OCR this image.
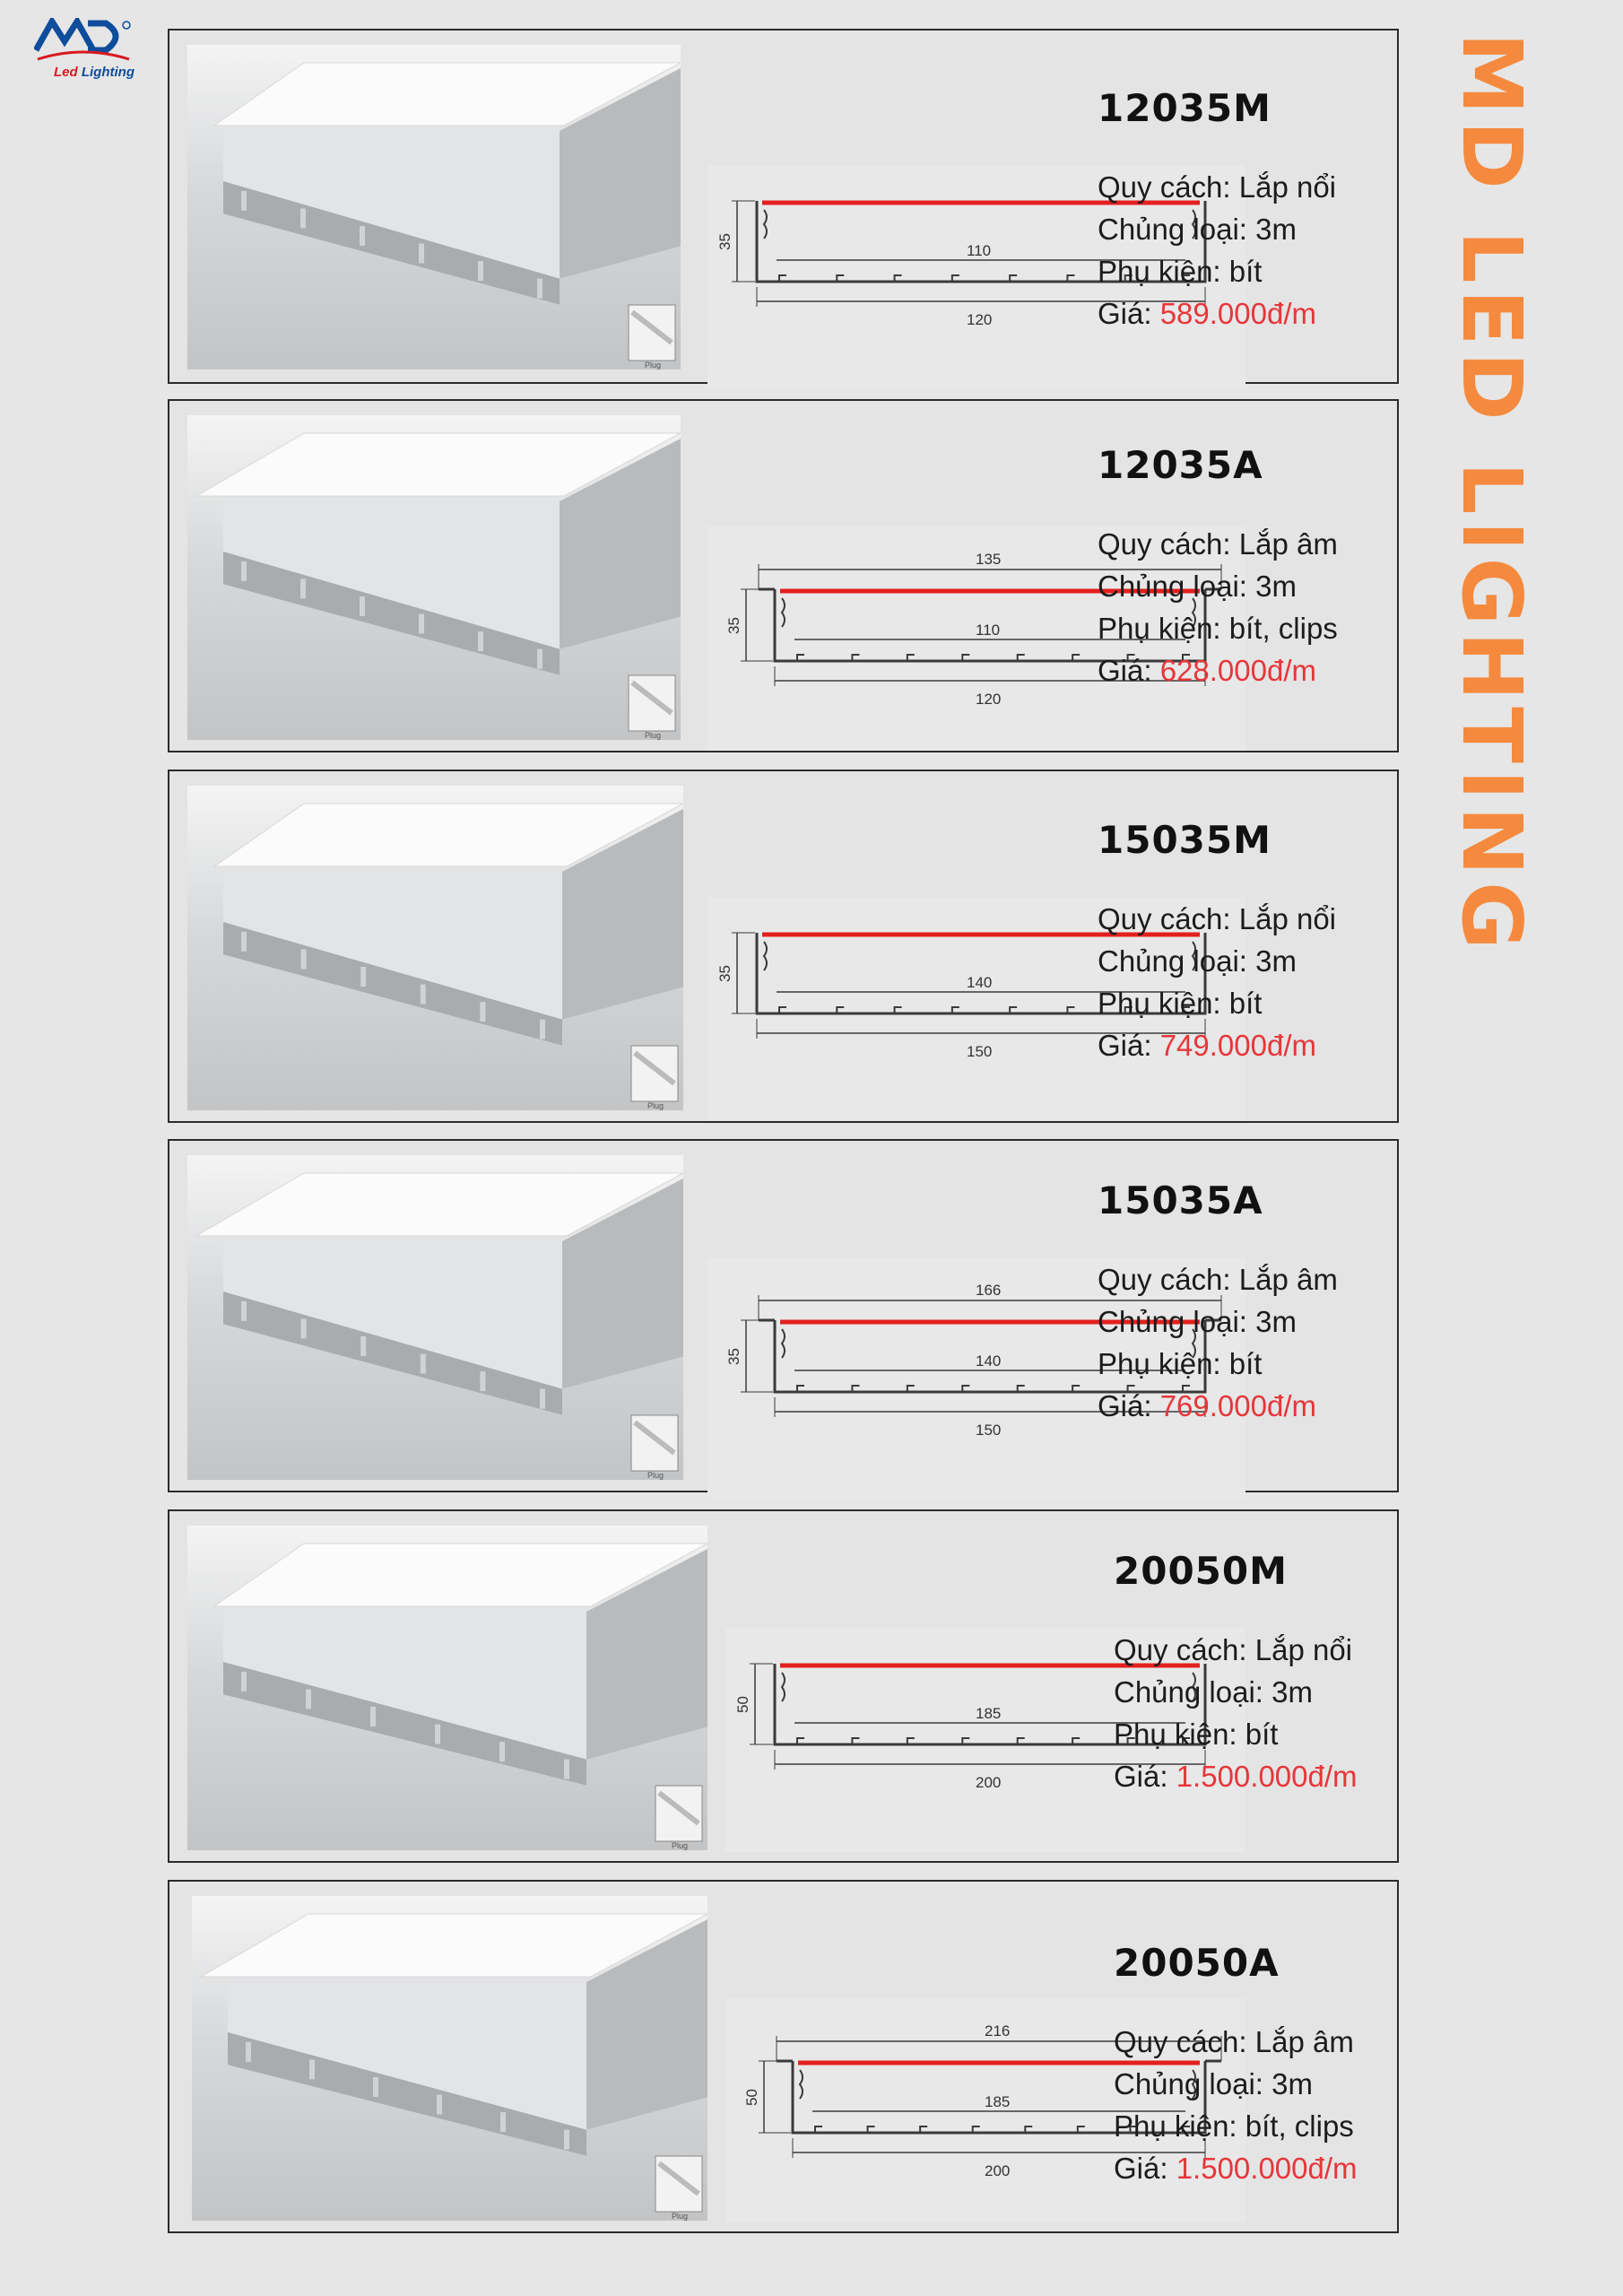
Led Lighting	MD LED LIGHTING
Plug
110
120
35
12035M
Quy cách: Lắp nổi
Chủng loại: 3m
Phụ kiện: bít
Giá: 589.000đ/m
Plug
110
120
135
35
12035A
Quy cách: Lắp âm
Chủng loại: 3m
Phụ kiện: bít, clips
Giá: 628.000đ/m
Plug
140
150
35
15035M
Quy cách: Lắp nổi
Chủng loại: 3m
Phụ kiện: bít
Giá: 749.000đ/m
Plug
140
150
166
35
15035A
Quy cách: Lắp âm
Chủng loại: 3m
Phụ kiện: bít
Giá: 769.000đ/m
Plug
185
200
50
20050M
Quy cách: Lắp nổi
Chủng loại: 3m
Phụ kiện: bít
Giá: 1.500.000đ/m
Plug
185
200
216
50
20050A
Quy cách: Lắp âm
Chủng loại: 3m
Phụ kiện: bít, clips
Giá: 1.500.000đ/m
